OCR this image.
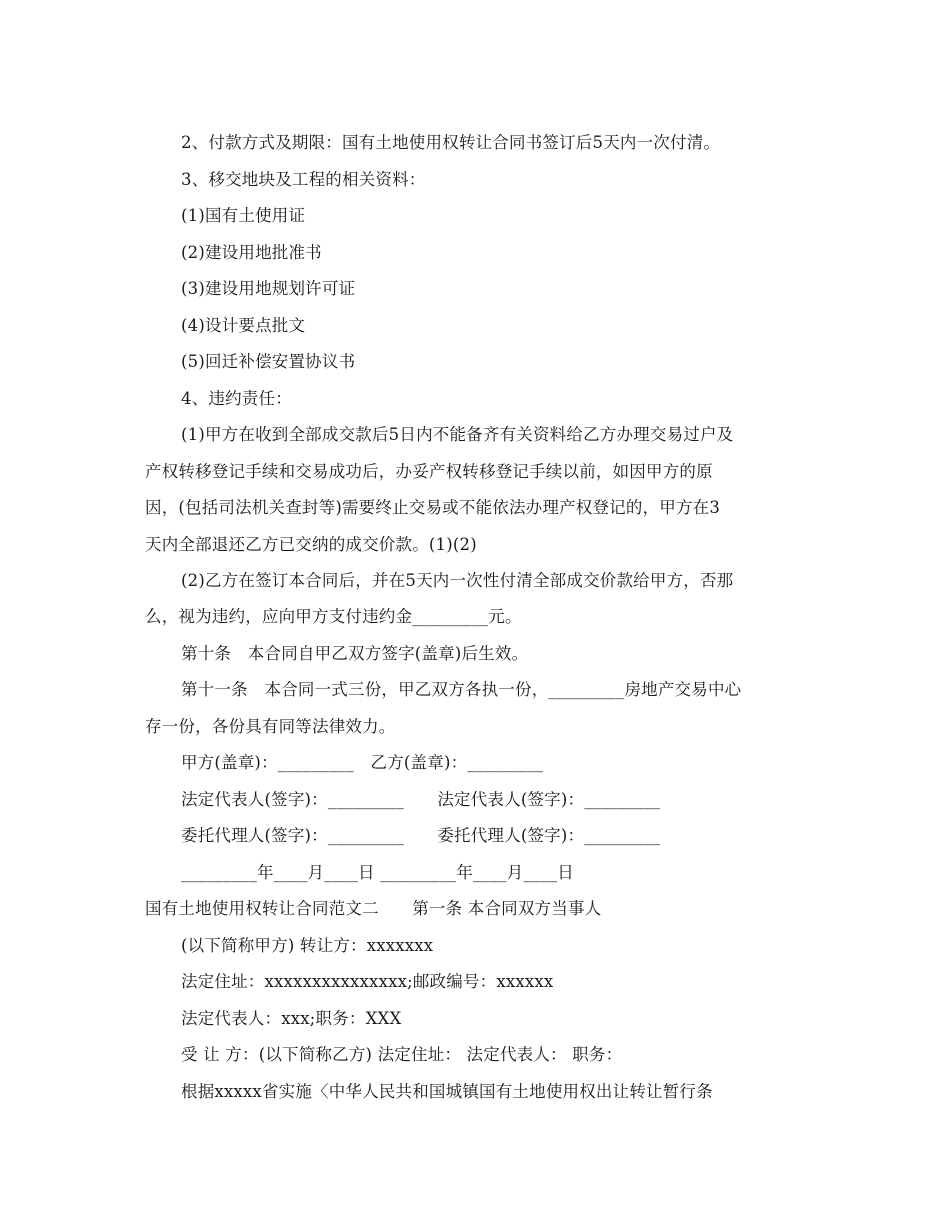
2、付款方式及期限：国有土地使用权转让合同书签订后5天内一次付清。
3、移交地块及工程的相关资料：
(1)国有土使用证
(2)建设用地批准书
(3)建设用地规划许可证
(4)设计要点批文
(5)回迁补偿安置协议书
4、违约责任：
(1)甲方在收到全部成交款后5日内不能备齐有关资料给乙方办理交易过户及
产权转移登记手续和交易成功后，办妥产权转移登记手续以前，如因甲方的原
因，(包括司法机关查封等)需要终止交易或不能依法办理产权登记的，甲方在3
天内全部退还乙方已交纳的成交价款。(1)(2)
(2)乙方在签订本合同后，并在5天内一次性付清全部成交价款给甲方，否那
么，视为违约，应向甲方支付违约金_________元。
第十条　本合同自甲乙双方签字(盖章)后生效。
第十一条　本合同一式三份，甲乙双方各执一份，_________房地产交易中心
存一份，各份具有同等法律效力。
甲方(盖章)：_________　乙方(盖章)：_________
法定代表人(签字)：_________　　法定代表人(签字)：_________
委托代理人(签字)：_________　　委托代理人(签字)：_________
_________年____月____日 _________年____月____日
国有土地使用权转让合同范文二　　第一条 本合同双方当事人
(以下简称甲方) 转让方：xxxxxxx
法定住址：xxxxxxxxxxxxxxx;邮政编号：xxxxxx
法定代表人：xxx;职务：XXX
受 让 方：(以下简称乙方) 法定住址： 法定代表人： 职务：
根据xxxxx省实施〈中华人民共和国城镇国有土地使用权出让转让暂行条
